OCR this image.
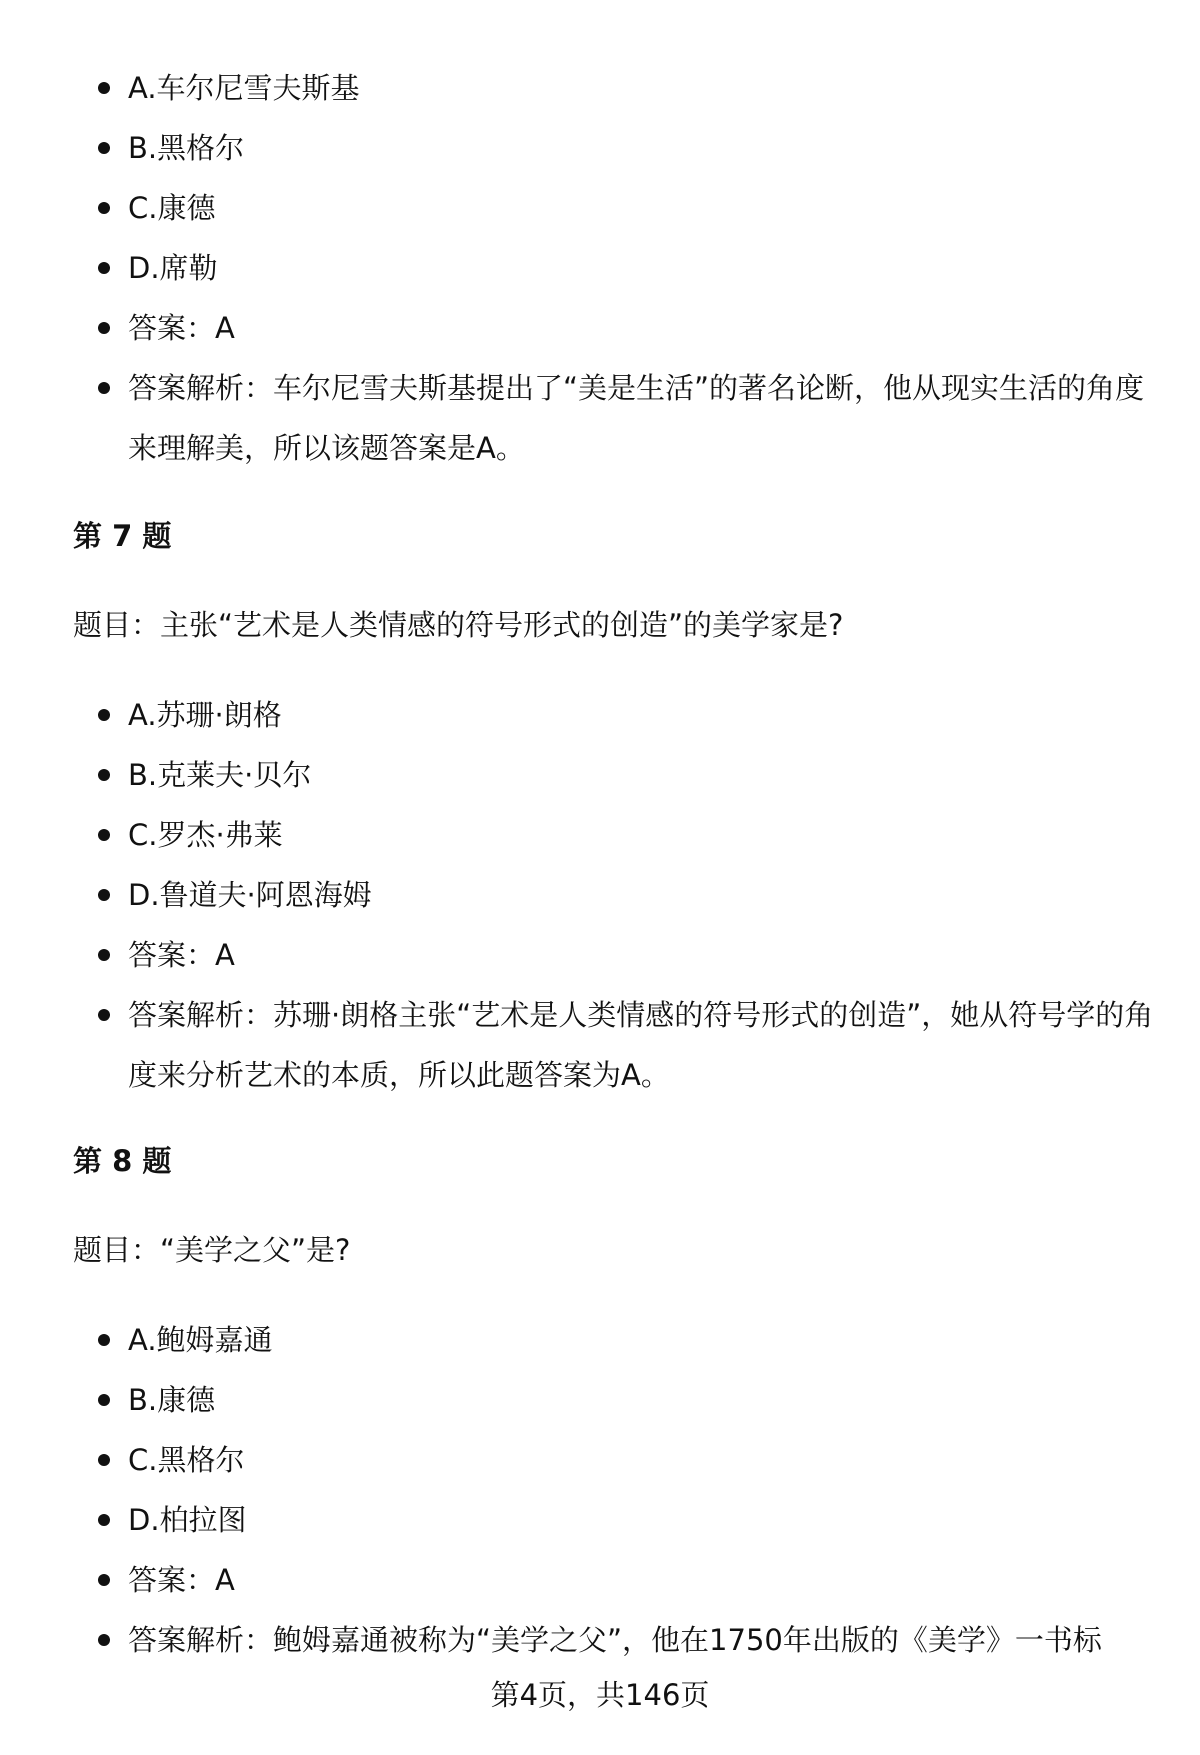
A.车尔尼雪夫斯基
B.黑格尔
C.康德
D.席勒
答案：A
答案解析：车尔尼雪夫斯基提出了“美是生活”的著名论断，他从现实生活的角度来理解美，所以该题答案是A。
第 7 题
题目：主张“艺术是人类情感的符号形式的创造”的美学家是?
A.苏珊·朗格
B.克莱夫·贝尔
C.罗杰·弗莱
D.鲁道夫·阿恩海姆
答案：A
答案解析：苏珊·朗格主张“艺术是人类情感的符号形式的创造”，她从符号学的角度来分析艺术的本质，所以此题答案为A。
第 8 题
题目：“美学之父”是?
A.鲍姆嘉通
B.康德
C.黑格尔
D.柏拉图
答案：A
答案解析：鲍姆嘉通被称为“美学之父”，他在1750年出版的《美学》一书标
第4页，共146页
